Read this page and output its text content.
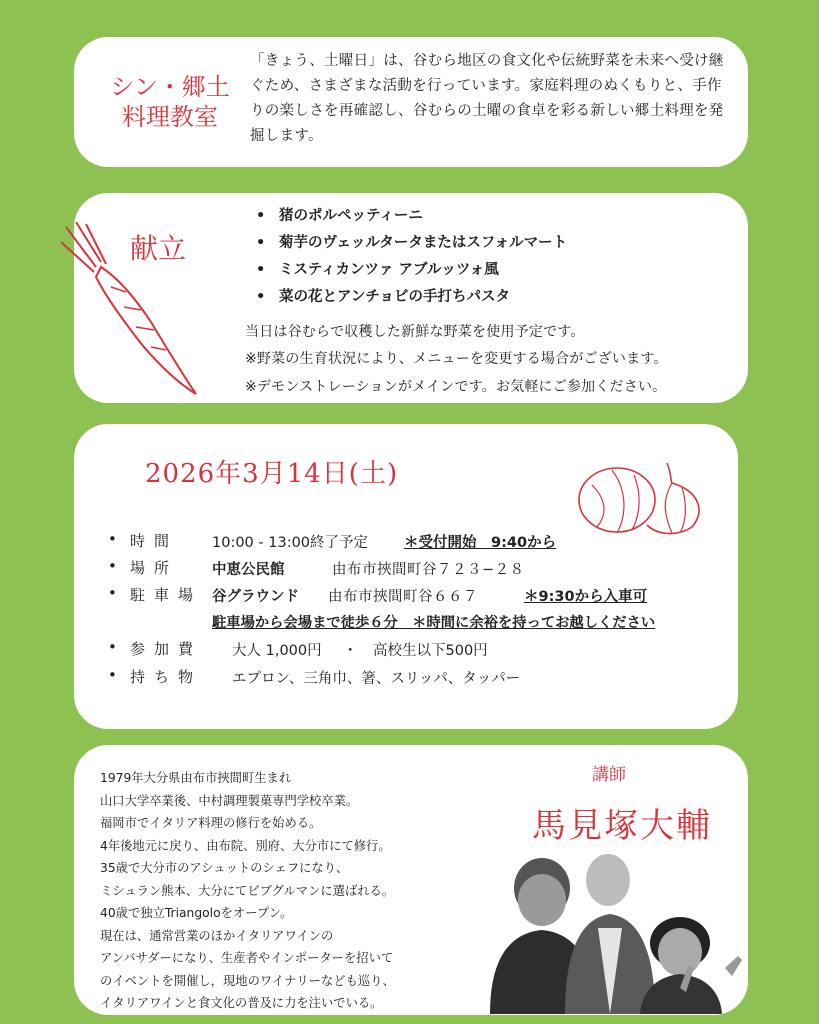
シン・郷土
料理教室
「きょう、土曜日」は、谷むら地区の食文化や伝統野菜を未来へ受け継ぐため、さまざまな活動を行っています。家庭料理のぬくもりと、手作りの楽しさを再確認し、谷むらの土曜の食卓を彩る新しい郷土料理を発掘します。
献立
• 猪のポルペッティーニ
• 菊芋のヴェッルタータまたはスフォルマート
• ミスティカンツァ アブルッツォ風
• 菜の花とアンチョビの手打ちパスタ
当日は谷むらで収穫した新鮮な野菜を使用予定です。
※野菜の生育状況により、メニューを変更する場合がございます。
※デモンストレーションがメインです。お気軽にご参加ください。
2026年3月14日(土)
• 時間 10:00 - 13:00終了予定 ＊受付開始　9:40から
• 場所 中恵公民館	由布市挾間町谷７２３−２８
• 駐車場 谷グラウンド 由布市挾間町谷６６７	＊9:30から入車可
駐車場から会場まで徒歩６分　＊時間に余裕を持ってお越しください
• 参加費 大人 1,000円 ・ 高校生以下500円
• 持ち物 エプロン、三角巾、箸、スリッパ、タッパー
1979年大分県由布市挾間町生まれ
山口大学卒業後、中村調理製菓専門学校卒業。
福岡市でイタリア料理の修行を始める。
4年後地元に戻り、由布院、別府、大分市にて修行。
35歳で大分市のアシュットのシェフになり、
ミシュラン熊本、大分にてビブグルマンに選ばれる。
40歳で独立Triangoloをオープン。
現在は、通常営業のほかイタリアワインの
アンバサダーになり、生産者やインポーターを招いて
のイベントを開催し，現地のワイナリーなども巡り、
イタリアワインと食文化の普及に力を注いでいる。
講師
馬見塚大輔
